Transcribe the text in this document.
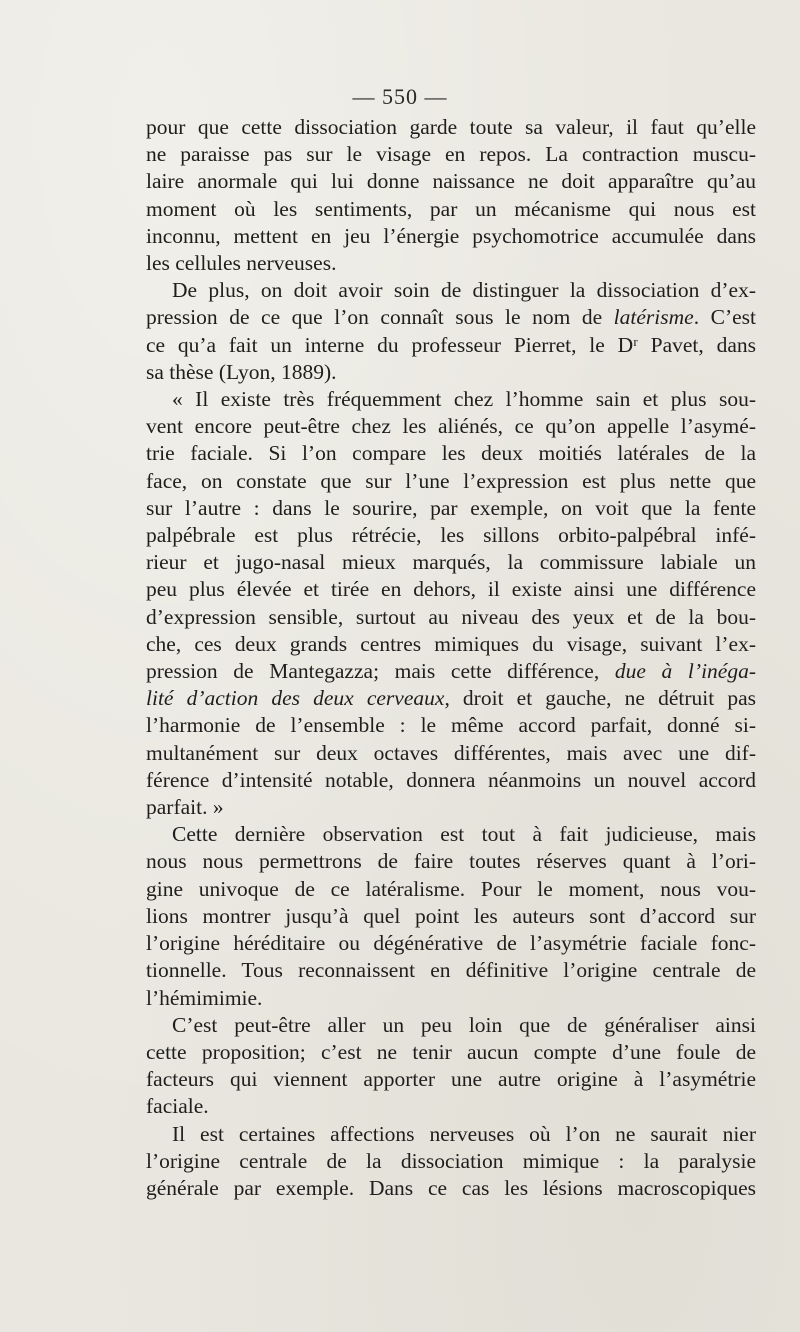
— 550 —

pour que cette dissociation garde toute sa valeur, il faut qu’elle

ne paraisse pas sur le visage en repos. La contraction muscu-

laire anormale qui lui donne naissance ne doit apparaître qu’au

moment où les sentiments, par un mécanisme qui nous est

inconnu, mettent en jeu l’énergie psychomotrice accumulée dans

les cellules nerveuses.

De plus, on doit avoir soin de distinguer la dissociation d’ex-

pression de ce que l’on connaît sous le nom de latérisme. C’est

ce qu’a fait un interne du professeur Pierret, le Dʳ Pavet, dans

sa thèse (Lyon, 1889).

« Il existe très fréquemment chez l’homme sain et plus sou-

vent encore peut-être chez les aliénés, ce qu’on appelle l’asymé-

trie faciale. Si l’on compare les deux moitiés latérales de la

face, on constate que sur l’une l’expression est plus nette que

sur l’autre : dans le sourire, par exemple, on voit que la fente

palpébrale est plus rétrécie, les sillons orbito-palpébral infé-

rieur et jugo-nasal mieux marqués, la commissure labiale un

peu plus élevée et tirée en dehors, il existe ainsi une différence

d’expression sensible, surtout au niveau des yeux et de la bou-

che, ces deux grands centres mimiques du visage, suivant l’ex-

pression de Mantegazza; mais cette différence, due à l’inéga-

lité d’action des deux cerveaux, droit et gauche, ne détruit pas

l’harmonie de l’ensemble : le même accord parfait, donné si-

multanément sur deux octaves différentes, mais avec une dif-

férence d’intensité notable, donnera néanmoins un nouvel accord

parfait. »

Cette dernière observation est tout à fait judicieuse, mais

nous nous permettrons de faire toutes réserves quant à l’ori-

gine univoque de ce latéralisme. Pour le moment, nous vou-

lions montrer jusqu’à quel point les auteurs sont d’accord sur

l’origine héréditaire ou dégénérative de l’asymétrie faciale fonc-

tionnelle. Tous reconnaissent en définitive l’origine centrale de

l’hémimimie.

C’est peut-être aller un peu loin que de généraliser ainsi

cette proposition; c’est ne tenir aucun compte d’une foule de

facteurs qui viennent apporter une autre origine à l’asymétrie

faciale.

Il est certaines affections nerveuses où l’on ne saurait nier

l’origine centrale de la dissociation mimique : la paralysie

générale par exemple. Dans ce cas les lésions macroscopiques
